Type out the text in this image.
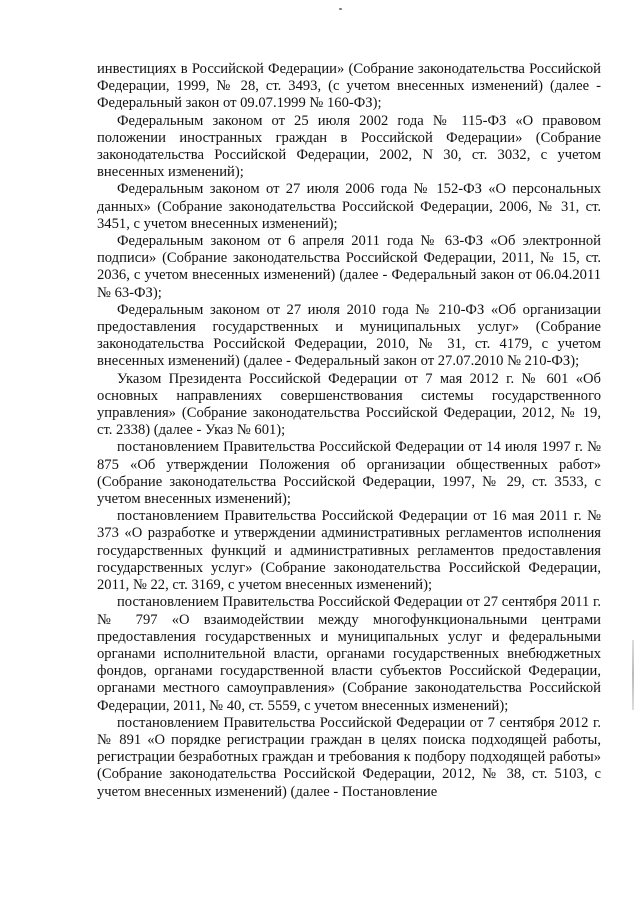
инвестициях в Российской Федерации» (Собрание законодательства Российской Федерации, 1999, № 28, ст. 3493, (с учетом внесенных изменений) (далее - Федеральный закон от 09.07.1999 № 160-ФЗ);

Федеральным законом от 25 июля 2002 года № 115-ФЗ «О правовом положении иностранных граждан в Российской Федерации» (Собрание законодательства Российской Федерации, 2002, N 30, ст. 3032, с учетом внесенных изменений);

Федеральным законом от 27 июля 2006 года № 152-ФЗ «О персональных данных» (Собрание законодательства Российской Федерации, 2006, № 31, ст. 3451, с учетом внесенных изменений);

Федеральным законом от 6 апреля 2011 года № 63-ФЗ «Об электронной подписи» (Собрание законодательства Российской Федерации, 2011, № 15, ст. 2036, с учетом внесенных изменений) (далее - Федеральный закон от 06.04.2011 № 63-ФЗ);

Федеральным законом от 27 июля 2010 года № 210-ФЗ «Об организации предоставления государственных и муниципальных услуг» (Собрание законодательства Российской Федерации, 2010, № 31, ст. 4179, с учетом внесенных изменений) (далее - Федеральный закон от 27.07.2010 № 210-ФЗ);

Указом Президента Российской Федерации от 7 мая 2012 г. № 601 «Об основных направлениях совершенствования системы государственного управления» (Собрание законодательства Российской Федерации, 2012, № 19, ст. 2338) (далее - Указ № 601);

постановлением Правительства Российской Федерации от 14 июля 1997 г. № 875 «Об утверждении Положения об организации общественных работ» (Собрание законодательства Российской Федерации, 1997, № 29, ст. 3533, с учетом внесенных изменений);

постановлением Правительства Российской Федерации от 16 мая 2011 г. № 373 «О разработке и утверждении административных регламентов исполнения государственных функций и административных регламентов предоставления государственных услуг» (Собрание законодательства Российской Федерации, 2011, № 22, ст. 3169, с учетом внесенных изменений);

постановлением Правительства Российской Федерации от 27 сентября 2011 г. № 797 «О взаимодействии между многофункциональными центрами предоставления государственных и муниципальных услуг и федеральными органами исполнительной власти, органами государственных внебюджетных фондов, органами государственной власти субъектов Российской Федерации, органами местного самоуправления» (Собрание законодательства Российской Федерации, 2011, № 40, ст. 5559, с учетом внесенных изменений);

постановлением Правительства Российской Федерации от 7 сентября 2012 г. № 891 «О порядке регистрации граждан в целях поиска подходящей работы, регистрации безработных граждан и требования к подбору подходящей работы» (Собрание законодательства Российской Федерации, 2012, № 38, ст. 5103, с учетом внесенных изменений) (далее - Постановление
